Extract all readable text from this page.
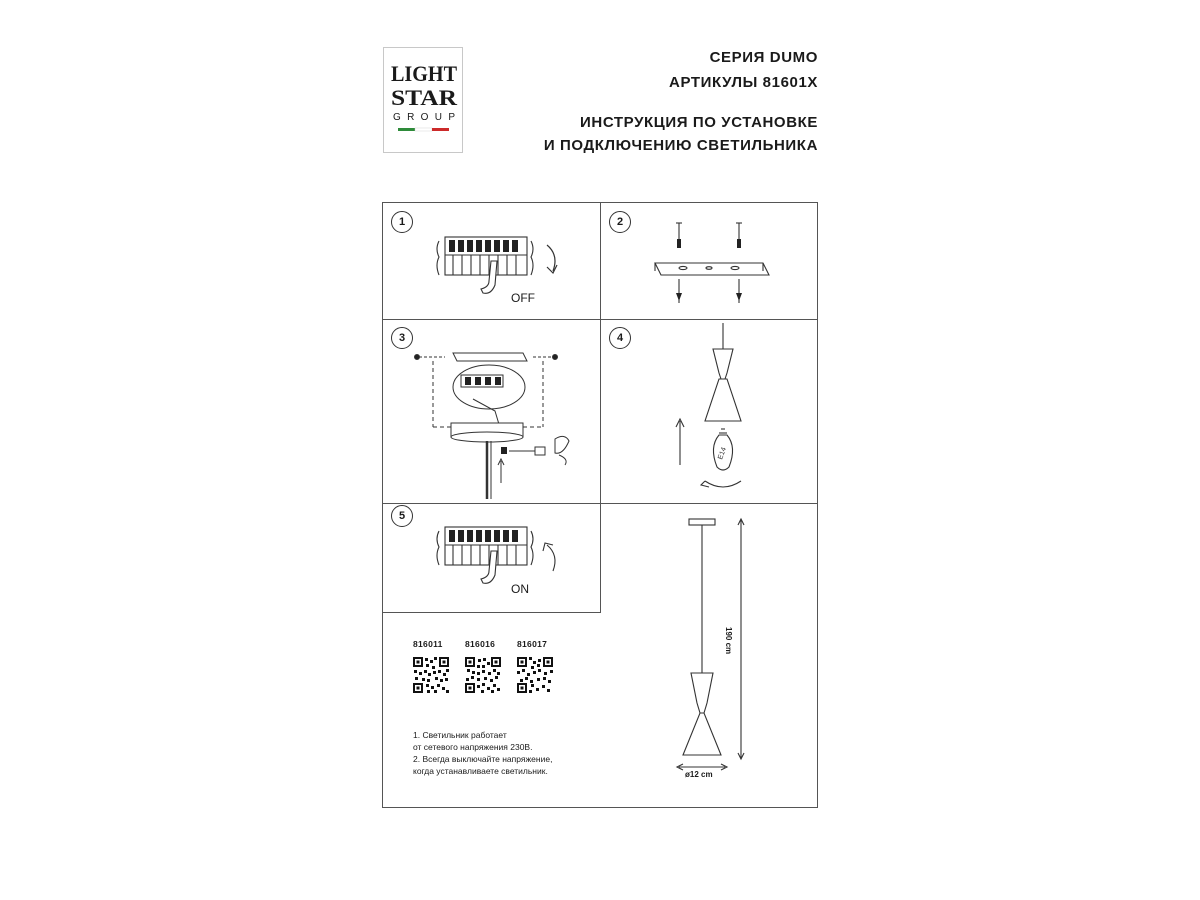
LIGHT
STAR
GROUP
СЕРИЯ DUMO
АРТИКУЛЫ 81601X
ИНСТРУКЦИЯ ПО УСТАНОВКЕ
И ПОДКЛЮЧЕНИЮ СВЕТИЛЬНИКА
1	2
3	4
5
OFF
E14
ON
190 cm
ø12 cm
816011	816016	816017
1. Светильник работает
от сетевого напряжения 230В.
2. Всегда выключайте напряжение,
когда устанавливаете светильник.
